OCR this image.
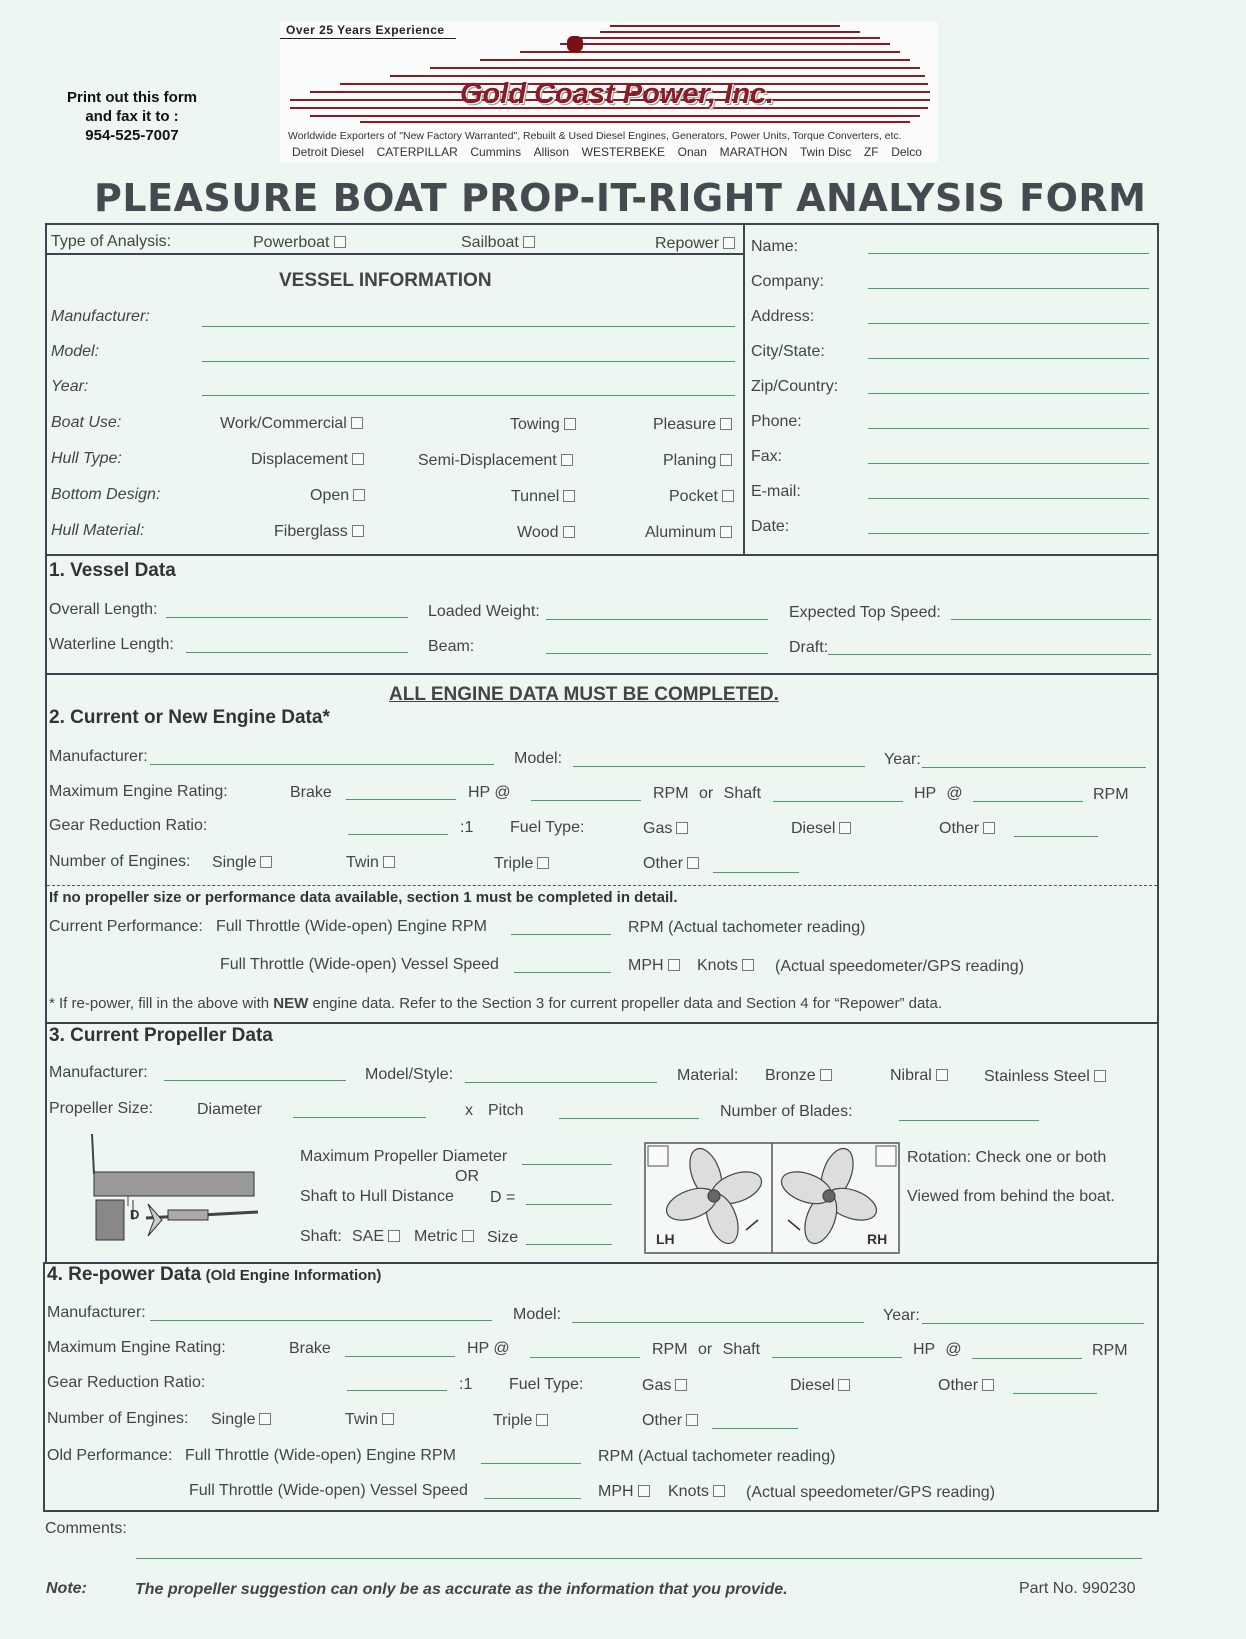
Print out this form
and fax it to :
954-525-7007
Over 25 Years Experience
Gold Coast Power, Inc.
Worldwide Exporters of "New Factory Warranted", Rebuilt & Used Diesel Engines, Generators, Power Units, Torque Converters, etc.
Detroit Diesel CATERPILLAR Cummins Allison WESTERBEKE Onan MARATHON Twin Disc ZF Delco
PLEASURE BOAT PROP-IT-RIGHT ANALYSIS FORM
Type of Analysis:	Powerboat	Sailboat	Repower
VESSEL INFORMATION
Manufacturer:
Model:
Year:
Boat Use:	Work/Commercial	Towing	Pleasure
Hull Type:	Displacement	Semi-Displacement	Planing
Bottom Design:	Open	Tunnel	Pocket
Hull Material:	Fiberglass	Wood	Aluminum
Name:
Company:
Address:
City/State:
Zip/Country:
Phone:
Fax:
E-mail:
Date:
1. Vessel Data
Overall Length:	Loaded Weight:	Expected Top Speed:
Waterline Length:	Beam:	Draft:
ALL ENGINE DATA MUST BE COMPLETED.
2. Current or New Engine Data*
Manufacturer:	Model:	Year:
Maximum Engine Rating:	Brake	HP @	RPM or Shaft	HP @	RPM
Gear Reduction Ratio:	:1 Fuel Type:	Gas	Diesel	Other
Number of Engines: Single	Twin	Triple	Other
If no propeller size or performance data available, section 1 must be completed in detail.
Current Performance: Full Throttle (Wide-open) Engine RPM	RPM (Actual tachometer reading)
Full Throttle (Wide-open) Vessel Speed	MPH	Knots	(Actual speedometer/GPS reading)
* If re-power, fill in the above with NEW engine data. Refer to the Section 3 for current propeller data and Section 4 for “Repower” data.
3. Current Propeller Data
Manufacturer:	Model/Style:	Material: Bronze	Nibral	Stainless Steel
Propeller Size:	Diameter	x Pitch	Number of Blades:
D
Maximum Propeller Diameter
OR
Shaft to Hull Distance D =
Shaft: SAE	Metric	Size	LH	RH
Rotation: Check one or both
Viewed from behind the boat.
4. Re-power Data (Old Engine Information)
Manufacturer:	Model:	Year:
Maximum Engine Rating:	Brake	HP @	RPM or Shaft	HP @	RPM
Gear Reduction Ratio:	:1 Fuel Type:	Gas	Diesel	Other
Number of Engines: Single	Twin	Triple	Other
Old Performance: Full Throttle (Wide-open) Engine RPM	RPM (Actual tachometer reading)
Full Throttle (Wide-open) Vessel Speed	MPH	Knots	(Actual speedometer/GPS reading)
Comments:
Note:	The propeller suggestion can only be as accurate as the information that you provide.	Part No. 990230
